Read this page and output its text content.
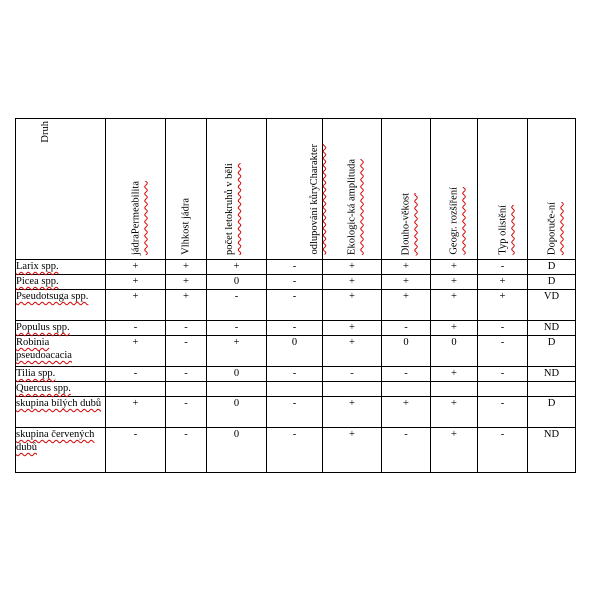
Druh	jádraPermeabilita	Vlhkost jádra	počet letokruhů v běli	odlupování kůryCharakter	Ekologic-ká amplituda	Dlouho-věkost	Geogr. rozšíření	Typ olistění	Doporuče-ní

Larix spp.	+	+	+	-	+	+	+	-	D
Picea spp.	+	+	0	-	+	+	+	+	D
Pseudotsuga spp.	+	+	-	-	+	+	+	+	VD
Populus spp.	-	-	-	-	+	-	+	-	ND
Robinia pseudoacacia	+	-	+	0	+	0	0	-	D
Tilia spp.	-	-	0	-	-	-	+	-	ND
Quercus spp.									
skupina bílých dubů	+	-	0	-	+	+	+	-	D
skupina červených dubů	-	-	0	-	+	-	+	-	ND
